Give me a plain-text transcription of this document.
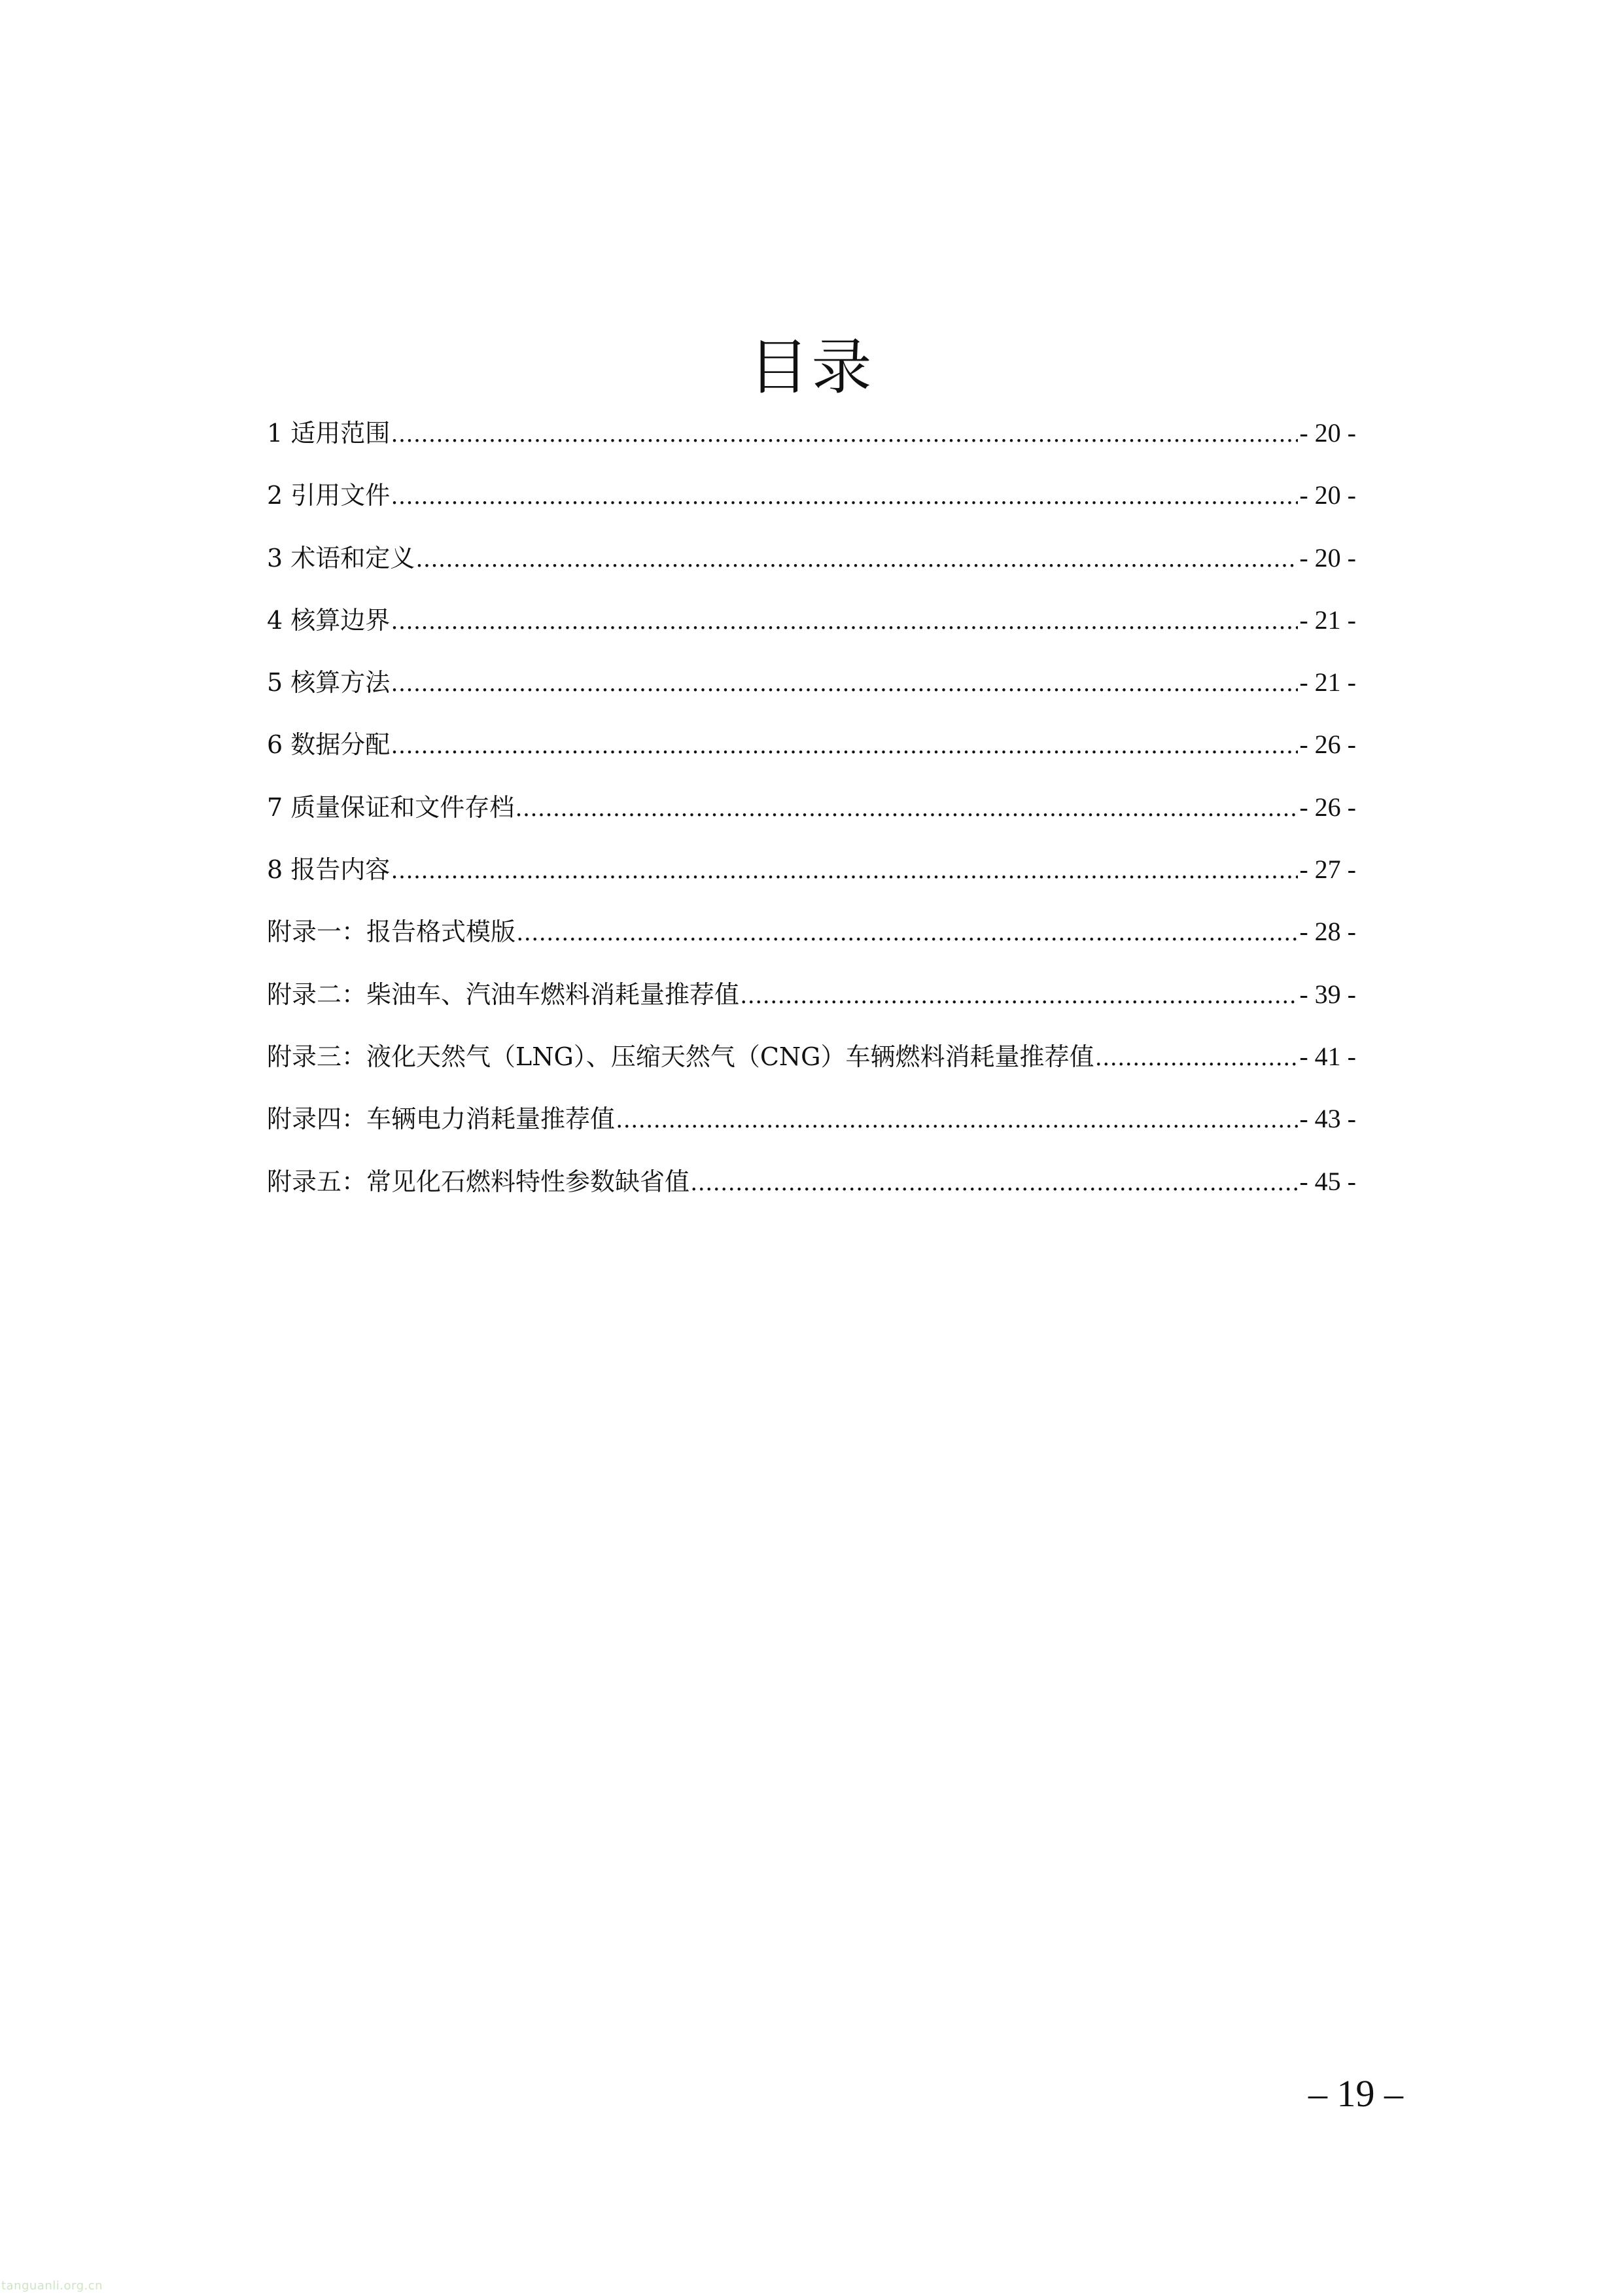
目录
1 适用范围 .....	- 20 -
2 引用文件 .....	- 20 -
3 术语和定义 .....	- 20 -
4 核算边界 .....	- 21 -
5 核算方法 .....	- 21 -
6 数据分配 .....	- 26 -
7 质量保证和文件存档 .....	- 26 -
8 报告内容 .....	- 27 -
附录一：报告格式模版 .....	- 28 -
附录二：柴油车、汽油车燃料消耗量推荐值 .....	- 39 -
附录三：液化天然气（LNG）、压缩天然气（CNG）车辆燃料消耗量推荐值 .....	- 41 -
附录四：车辆电力消耗量推荐值 .....	- 43 -
附录五：常见化石燃料特性参数缺省值 .....	- 45 -
– 19 –
tanguanli.org.cn
